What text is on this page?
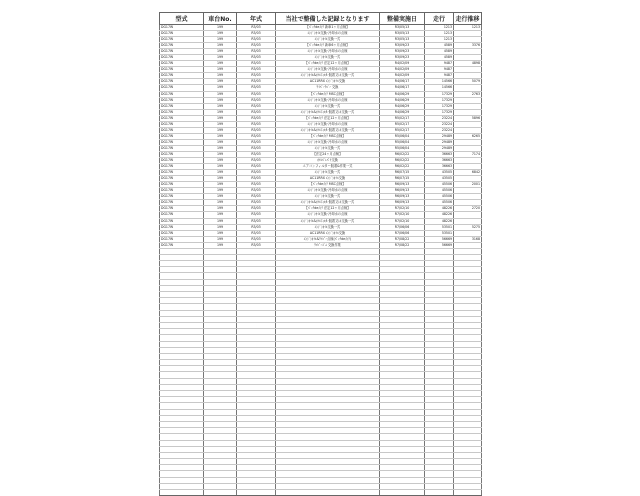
型式	車台No.	年式	当社で整備した記録となります	整備実施日	走行	走行推移
DG17W	199	R3/03	【ﾊﾟｯｸdeﾒﾝﾃ 新車1ヶ月点検】	R3/05/13	1213	1213
DG17W	199	R3/03	ｴﾝｼﾞﾝｵｲﾙ交換･冷却水の点検	R3/05/13	1213	
DG17W	199	R3/03	ｴﾝｼﾞﾝｵｲﾙ交換一式	R3/05/13	1213	
DG17W	199	R3/03	【ﾊﾟｯｸdeﾒﾝﾃ 新車6ヶ月点検】	R3/09/23	4589	3376
DG17W	199	R3/03	ｴﾝｼﾞﾝｵｲﾙ交換･冷却水の点検	R3/09/23	4589	
DG17W	199	R3/03	ｴﾝｼﾞﾝｵｲﾙ交換一式	R3/09/23	4589	
DG17W	199	R3/03	【ﾊﾟｯｸdeﾒﾝﾃ 法定12ヶ月点検】	R4/02/09	9487	4898
DG17W	199	R3/03	ｴﾝｼﾞﾝｵｲﾙ交換･冷却水の点検	R4/02/09	9487	
DG17W	199	R3/03	ｴﾝｼﾞﾝｵｲﾙ&ｵｲﾙﾌｨﾙﾀｰ脱着又は交換一式	R4/02/09	9487	
DG17W	199	R3/03	AC11RRX ｴﾝｼﾞﾝｵｲﾙ交換	R4/06/17	14566	5079
DG17W	199	R3/03	ﾜｲﾊﾟｰﾗﾊﾞｰ 交換	R4/06/17	14566	
DG17W	199	R3/03	【ﾊﾟｯｸdeﾒﾝﾃ MSC点検】	R4/06/29	17329	2763
DG17W	199	R3/03	ｴﾝｼﾞﾝｵｲﾙ交換･冷却水の点検	R4/06/29	17329	
DG17W	199	R3/03	ｴﾝｼﾞﾝｵｲﾙ交換一式	R4/06/29	17329	
DG17W	199	R3/03	ｴﾝｼﾞﾝｵｲﾙ&ｵｲﾙﾌｨﾙﾀｰ脱着又は交換一式	R4/06/29	17329	
DG17W	199	R3/03	【ﾊﾟｯｸdeﾒﾝﾃ 法定12ヶ月点検】	R5/02/17	23224	5896
DG17W	199	R3/03	ｴﾝｼﾞﾝｵｲﾙ交換･冷却水の点検	R5/02/17	23224	
DG17W	199	R3/03	ｴﾝｼﾞﾝｵｲﾙ&ｵｲﾙﾌｨﾙﾀｰ脱着又は交換一式	R5/02/17	23224	
DG17W	199	R3/03	【ﾊﾟｯｸdeﾒﾝﾃ MSC点検】	R5/06/04	29489	6265
DG17W	199	R3/03	ｴﾝｼﾞﾝｵｲﾙ交換･冷却水の点検	R5/06/04	29489	
DG17W	199	R3/03	ｴﾝｼﾞﾝｵｲﾙ交換一式	R5/06/04	29489	
DG17W	199	R3/03	【法定24ヶ月点検】	R6/02/22	36663	7174
DG17W	199	R3/03	ｵｲﾙﾊﾟﾚﾊﾟﾅ交換	R6/02/22	36663	
DG17W	199	R3/03	エアコンフィルター脱着&作業一式	R6/02/22	36663	
DG17W	199	R3/03	ｴﾝｼﾞﾝｵｲﾙ交換一式	R6/07/15	43505	6842
DG17W	199	R3/03	AC11RRX ｴﾝｼﾞﾝｵｲﾙ交換	R6/07/15	43505	
DG17W	199	R3/03	【ﾊﾟｯｸdeﾒﾝﾃ MSC点検】	R6/09/13	45506	2001
DG17W	199	R3/03	ｴﾝｼﾞﾝｵｲﾙ交換･冷却水の点検	R6/09/13	45506	
DG17W	199	R3/03	ｴﾝｼﾞﾝｵｲﾙ交換一式	R6/09/13	45506	
DG17W	199	R3/03	ｴﾝｼﾞﾝｵｲﾙ&ｵｲﾙﾌｨﾙﾀｰ脱着又は交換一式	R6/09/13	45506	
DG17W	199	R3/03	【ﾊﾟｯｸdeﾒﾝﾃ 法定12ヶ月点検】	R7/02/10	48226	2720
DG17W	199	R3/03	ｴﾝｼﾞﾝｵｲﾙ交換･冷却水の点検	R7/02/10	48226	
DG17W	199	R3/03	ｴﾝｼﾞﾝｵｲﾙ&ｵｲﾙﾌｨﾙﾀｰ脱着又は交換一式	R7/02/10	48226	
DG17W	199	R3/03	ｴﾝｼﾞﾝｵｲﾙ交換一式	R7/06/06	53501	5275
DG17W	199	R3/03	AC11RRX ｴﾝｼﾞﾝｵｲﾙ交換	R7/06/06	53501	
DG17W	199	R3/03	ｴﾝｼﾞﾝｵｲﾙ&ﾜｲﾊﾟｰ点検(ﾊﾟｯｸdeﾒﾝﾃ)	R7/08/22	56669	3168
DG17W	199	R3/03	ﾜｲﾊﾟｰｺﾞﾑ 交換作業	R7/08/22	56669	
